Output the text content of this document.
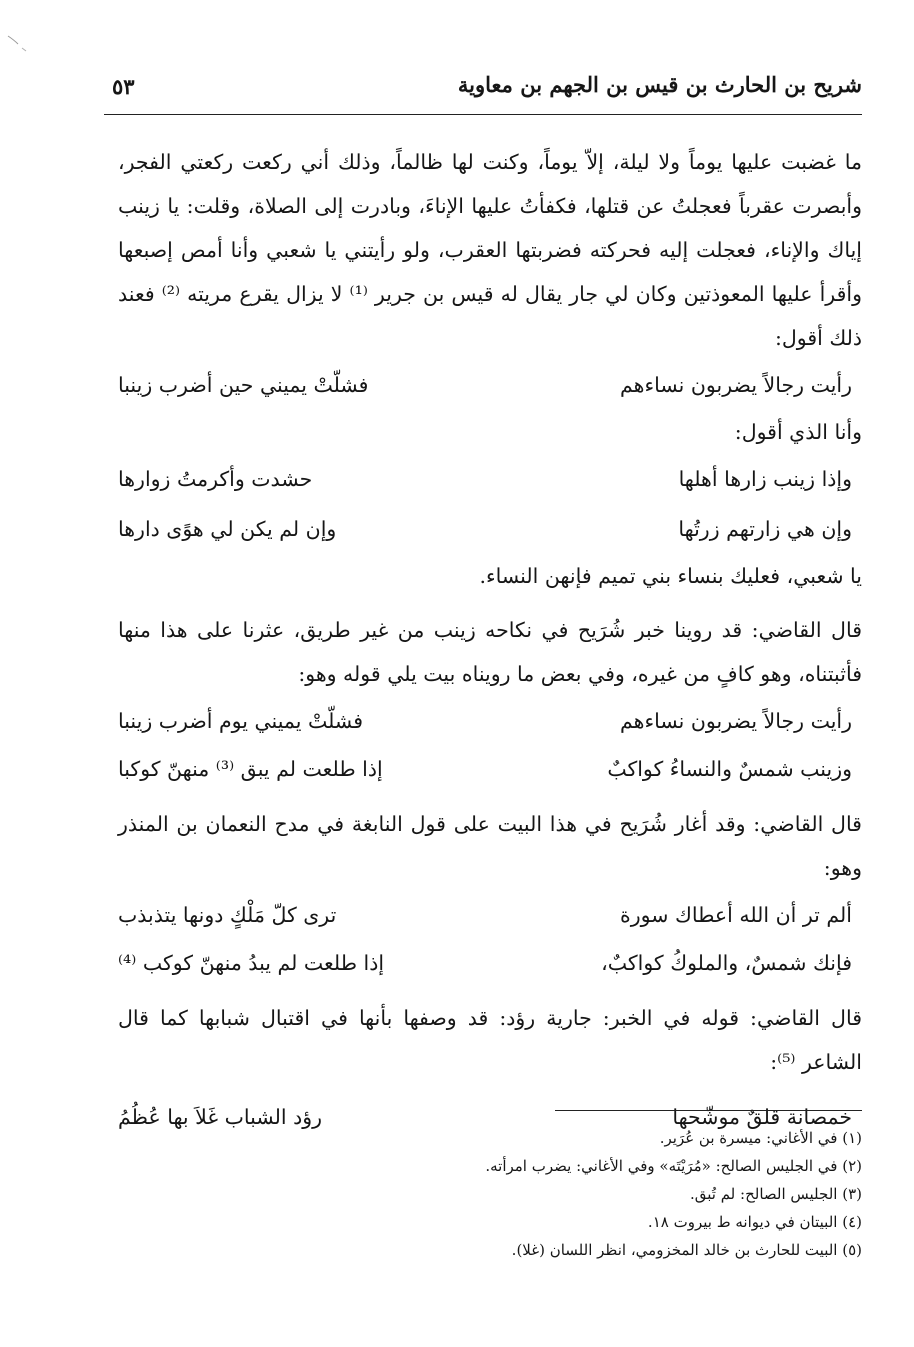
شريح بن الحارث بن قيس بن الجهم بن معاوية
٥٣

ما غضبت عليها يوماً ولا ليلة، إلاّ يوماً، وكنت لها ظالماً، وذلك أني ركعت ركعتي الفجر، وأبصرت عقرباً فعجلتُ عن قتلها، فكفأتُ عليها الإناءَ، وبادرت إلى الصلاة، وقلت: يا زينب إياك والإناء، فعجلت إليه فحركته فضربتها العقرب، ولو رأيتني يا شعبي وأنا أمص إصبعها وأقرأ عليها المعوذتين وكان لي جار يقال له قيس بن جرير ⁽¹⁾ لا يزال يقرع مريته ⁽²⁾ فعند ذلك أقول:

رأيت رجالاً يضربون نساءهم
فشلّتْ يميني حين أضرب زينبا

وأنا الذي أقول:

وإذا زينب زارها أهلها
حشدت وأكرمتُ زوارها
وإن هي زارتهم زرتُها
وإن لم يكن لي هوًى دارها

يا شعبي، فعليك بنساء بني تميم فإنهن النساء.

قال القاضي: قد روينا خبر شُرَيح في نكاحه زينب من غير طريق، عثرنا على هذا منها فأثبتناه، وهو كافٍ من غيره، وفي بعض ما رويناه بيت يلي قوله وهو:

رأيت رجالاً يضربون نساءهم
فشلّتْ يميني يوم أضرب زينبا
وزينب شمسٌ والنساءُ كواكبٌ
إذا طلعت لم يبق ⁽³⁾ منهنّ كوكبا

قال القاضي: وقد أغار شُرَيح في هذا البيت على قول النابغة في مدح النعمان بن المنذر وهو:

ألم تر أن الله أعطاك سورة
ترى كلّ مَلْكٍ دونها يتذبذب
فإنك شمسٌ، والملوكُ كواكبٌ،
إذا طلعت لم يبدُ منهنّ كوكب ⁽⁴⁾

قال القاضي: قوله في الخبر: جارية رؤد: قد وصفها بأنها في اقتبال شبابها كما قال الشاعر ⁽⁵⁾:

خمصانة قلقٌ موشّحها
رؤد الشباب غَلاَ بها عُظُمُ

(١) في الأغاني: ميسرة بن عُرَير.

(٢) في الجليس الصالح: «مُرَيْتَه» وفي الأغاني: يضرب امرأته.

(٣) الجليس الصالح: لم تُبق.

(٤) البيتان في ديوانه ط بيروت ١٨.

(٥) البيت للحارث بن خالد المخزومي، انظر اللسان (غلا).
